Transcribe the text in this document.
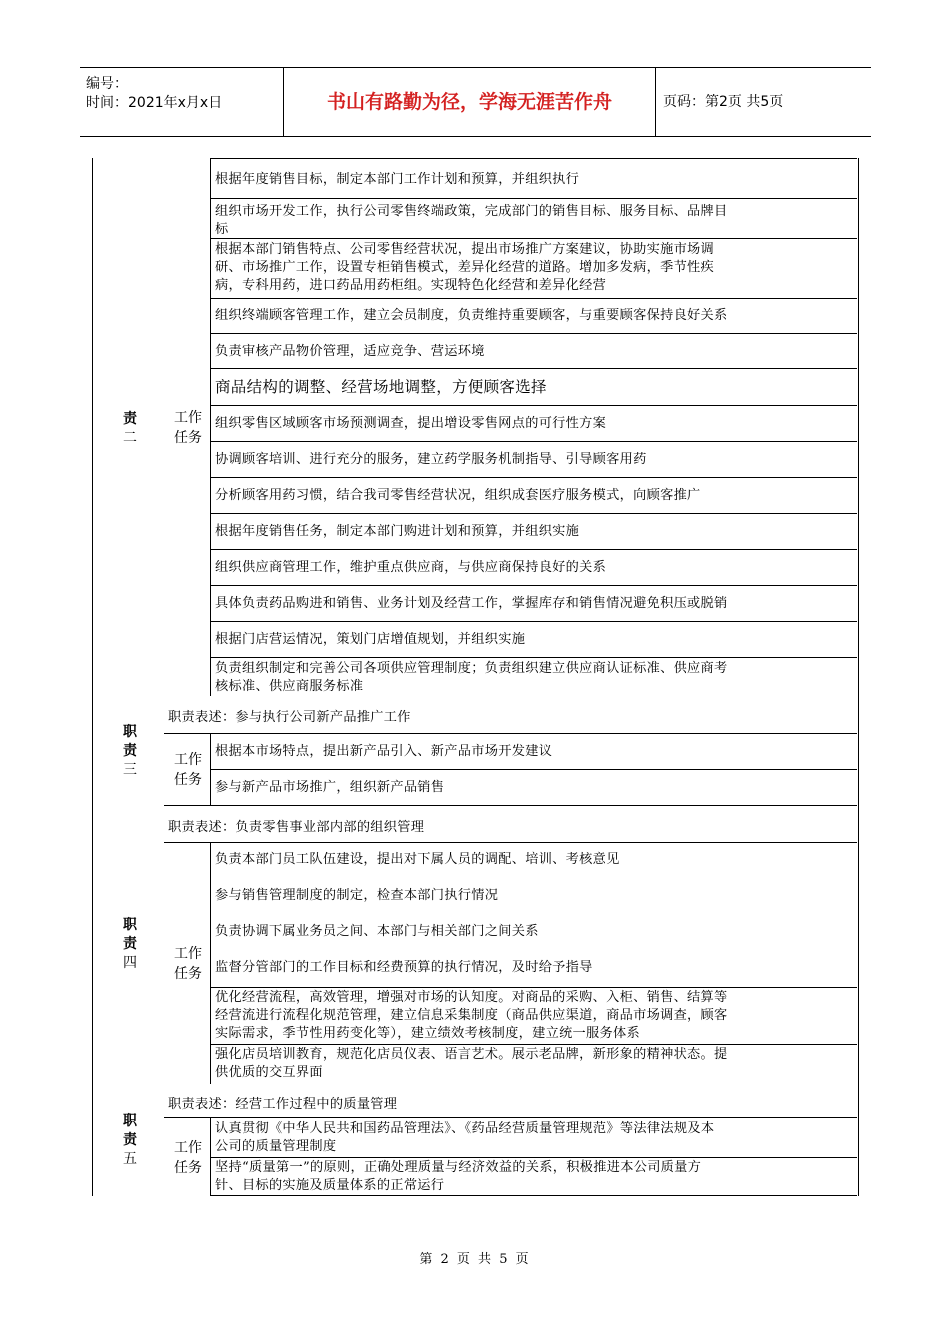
编号：
时间：2021年x月x日	书山有路勤为径，学海无涯苦作舟	页码：第2页 共5页
责
二
工作
任务
根据年度销售目标，制定本部门工作计划和预算，并组织执行
组织市场开发工作，执行公司零售终端政策，完成部门的销售目标、服务目标、品牌目
标
根据本部门销售特点、公司零售经营状况，提出市场推广方案建议，协助实施市场调
研、市场推广工作，设置专柜销售模式，差异化经营的道路。增加多发病，季节性疾
病，专科用药，进口药品用药柜组。实现特色化经营和差异化经营
组织终端顾客管理工作，建立会员制度，负责维持重要顾客，与重要顾客保持良好关系
负责审核产品物价管理，适应竞争、营运环境
商品结构的调整、经营场地调整，方便顾客选择
组织零售区域顾客市场预测调查，提出增设零售网点的可行性方案
协调顾客培训、进行充分的服务，建立药学服务机制指导、引导顾客用药
分析顾客用药习惯，结合我司零售经营状况，组织成套医疗服务模式，向顾客推广
根据年度销售任务，制定本部门购进计划和预算，并组织实施
组织供应商管理工作，维护重点供应商，与供应商保持良好的关系
具体负责药品购进和销售、业务计划及经营工作，掌握库存和销售情况避免积压或脱销
根据门店营运情况，策划门店增值规划，并组织实施
负责组织制定和完善公司各项供应管理制度；负责组织建立供应商认证标准、供应商考
核标准、供应商服务标准
职
责
三
职责表述：参与执行公司新产品推广工作
工作
任务
根据本市场特点，提出新产品引入、新产品市场开发建议
参与新产品市场推广，组织新产品销售
职责表述：负责零售事业部内部的组织管理
职
责
四
工作
任务
负责本部门员工队伍建设，提出对下属人员的调配、培训、考核意见
参与销售管理制度的制定，检查本部门执行情况
负责协调下属业务员之间、本部门与相关部门之间关系
监督分管部门的工作目标和经费预算的执行情况，及时给予指导
优化经营流程，高效管理，增强对市场的认知度。对商品的采购、入柜、销售、结算等
经营流进行流程化规范管理，建立信息采集制度（商品供应渠道，商品市场调查，顾客
实际需求，季节性用药变化等），建立绩效考核制度，建立统一服务体系
强化店员培训教育，规范化店员仪表、语言艺术。展示老品牌，新形象的精神状态。提
供优质的交互界面
职责表述：经营工作过程中的质量管理
职
责
五
工作
任务
认真贯彻《中华人民共和国药品管理法》、《药品经营质量管理规范》等法律法规及本
公司的质量管理制度
坚持“质量第一”的原则，正确处理质量与经济效益的关系，积极推进本公司质量方
针、目标的实施及质量体系的正常运行
第 2 页 共 5 页
